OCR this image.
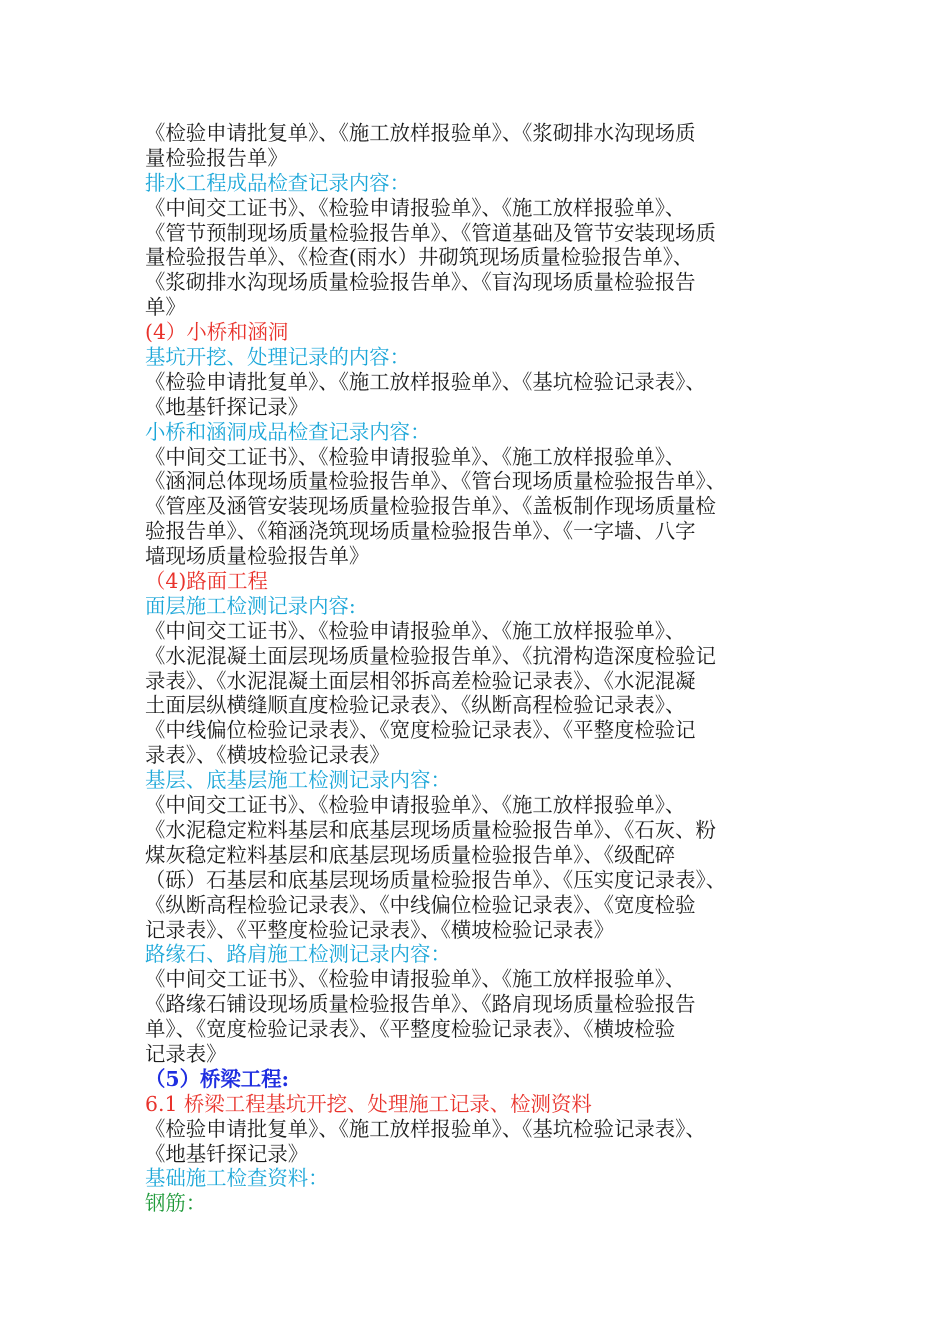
《检验申请批复单》、《施工放样报验单》、《浆砌排水沟现场质
量检验报告单》
排水工程成品检查记录内容：
《中间交工证书》、《检验申请报验单》、《施工放样报验单》、
《管节预制现场质量检验报告单》、《管道基础及管节安装现场质
量检验报告单》、《检查(雨水）井砌筑现场质量检验报告单》、
《浆砌排水沟现场质量检验报告单》、《盲沟现场质量检验报告
单》
(4）小桥和涵洞
基坑开挖、处理记录的内容：
《检验申请批复单》、《施工放样报验单》、《基坑检验记录表》、
《地基钎探记录》
小桥和涵洞成品检查记录内容：
《中间交工证书》、《检验申请报验单》、《施工放样报验单》、
《涵洞总体现场质量检验报告单》、《管台现场质量检验报告单》、
《管座及涵管安装现场质量检验报告单》、《盖板制作现场质量检
验报告单》、《箱涵浇筑现场质量检验报告单》、《一字墙、八字
墙现场质量检验报告单》
（4)路面工程
面层施工检测记录内容:
《中间交工证书》、《检验申请报验单》、《施工放样报验单》、
《水泥混凝土面层现场质量检验报告单》、《抗滑构造深度检验记
录表》、《水泥混凝土面层相邻拆高差检验记录表》、《水泥混凝
土面层纵横缝顺直度检验记录表》、《纵断高程检验记录表》、
《中线偏位检验记录表》、《宽度检验记录表》、《平整度检验记
录表》、《横坡检验记录表》
基层、底基层施工检测记录内容：
《中间交工证书》、《检验申请报验单》、《施工放样报验单》、
《水泥稳定粒料基层和底基层现场质量检验报告单》、《石灰、粉
煤灰稳定粒料基层和底基层现场质量检验报告单》、《级配碎
（砾）石基层和底基层现场质量检验报告单》、《压实度记录表》、
《纵断高程检验记录表》、《中线偏位检验记录表》、《宽度检验
记录表》、《平整度检验记录表》、《横坡检验记录表》
路缘石、路肩施工检测记录内容：
《中间交工证书》、《检验申请报验单》、《施工放样报验单》、
《路缘石铺设现场质量检验报告单》、《路肩现场质量检验报告
单》、《宽度检验记录表》、《平整度检验记录表》、《横坡检验
记录表》
（5）桥梁工程:
6.1 桥梁工程基坑开挖、处理施工记录、检测资料
《检验申请批复单》、《施工放样报验单》、《基坑检验记录表》、
《地基钎探记录》
基础施工检查资料：
钢筋：
